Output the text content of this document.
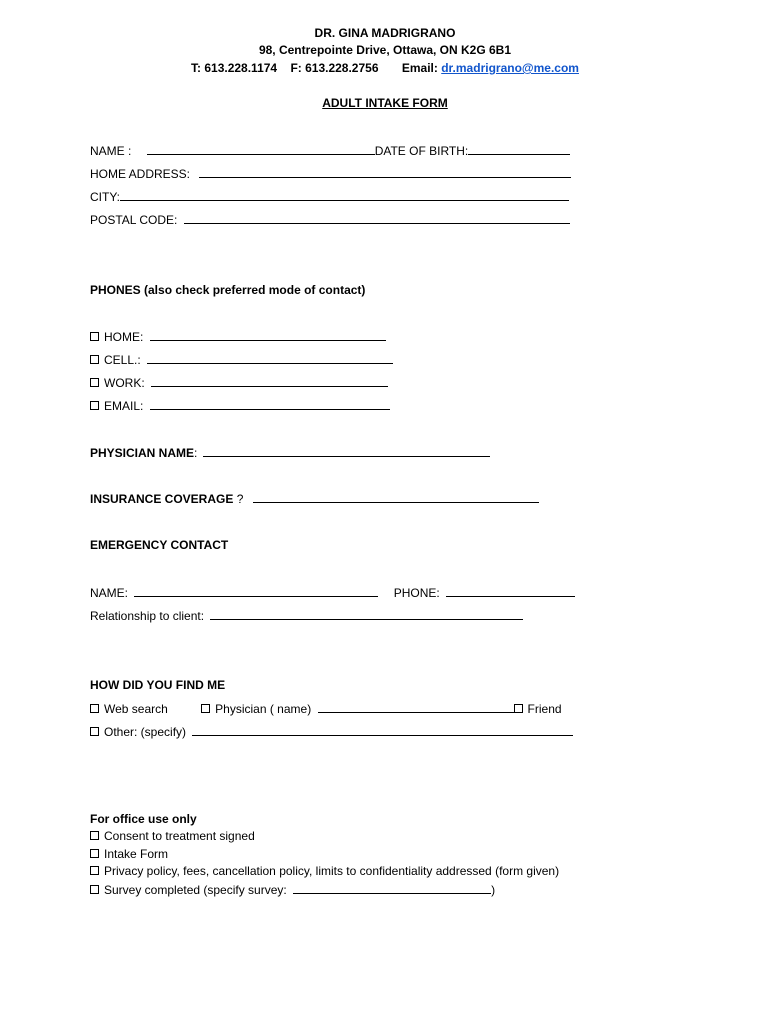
DR. GINA MADRIGRANO
98, Centrepointe Drive, Ottawa, ON K2G 6B1
T: 613.228.1174 F: 613.228.2756 Email: dr.madrigrano@me.com
ADULT INTAKE FORM
NAME :	DATE OF BIRTH:
HOME ADDRESS:
CITY:
POSTAL CODE:
PHONES (also check preferred mode of contact)
HOME:
CELL.:
WORK:
EMAIL:
PHYSICIAN NAME:
INSURANCE COVERAGE ?
EMERGENCY CONTACT
NAME:	PHONE:
Relationship to client:
HOW DID YOU FIND ME
Web search	Physician ( name)	Friend
Other: (specify)
For office use only
Consent to treatment signed
Intake Form
Privacy policy, fees, cancellation policy, limits to confidentiality addressed (form given)
Survey completed (specify survey:	)
